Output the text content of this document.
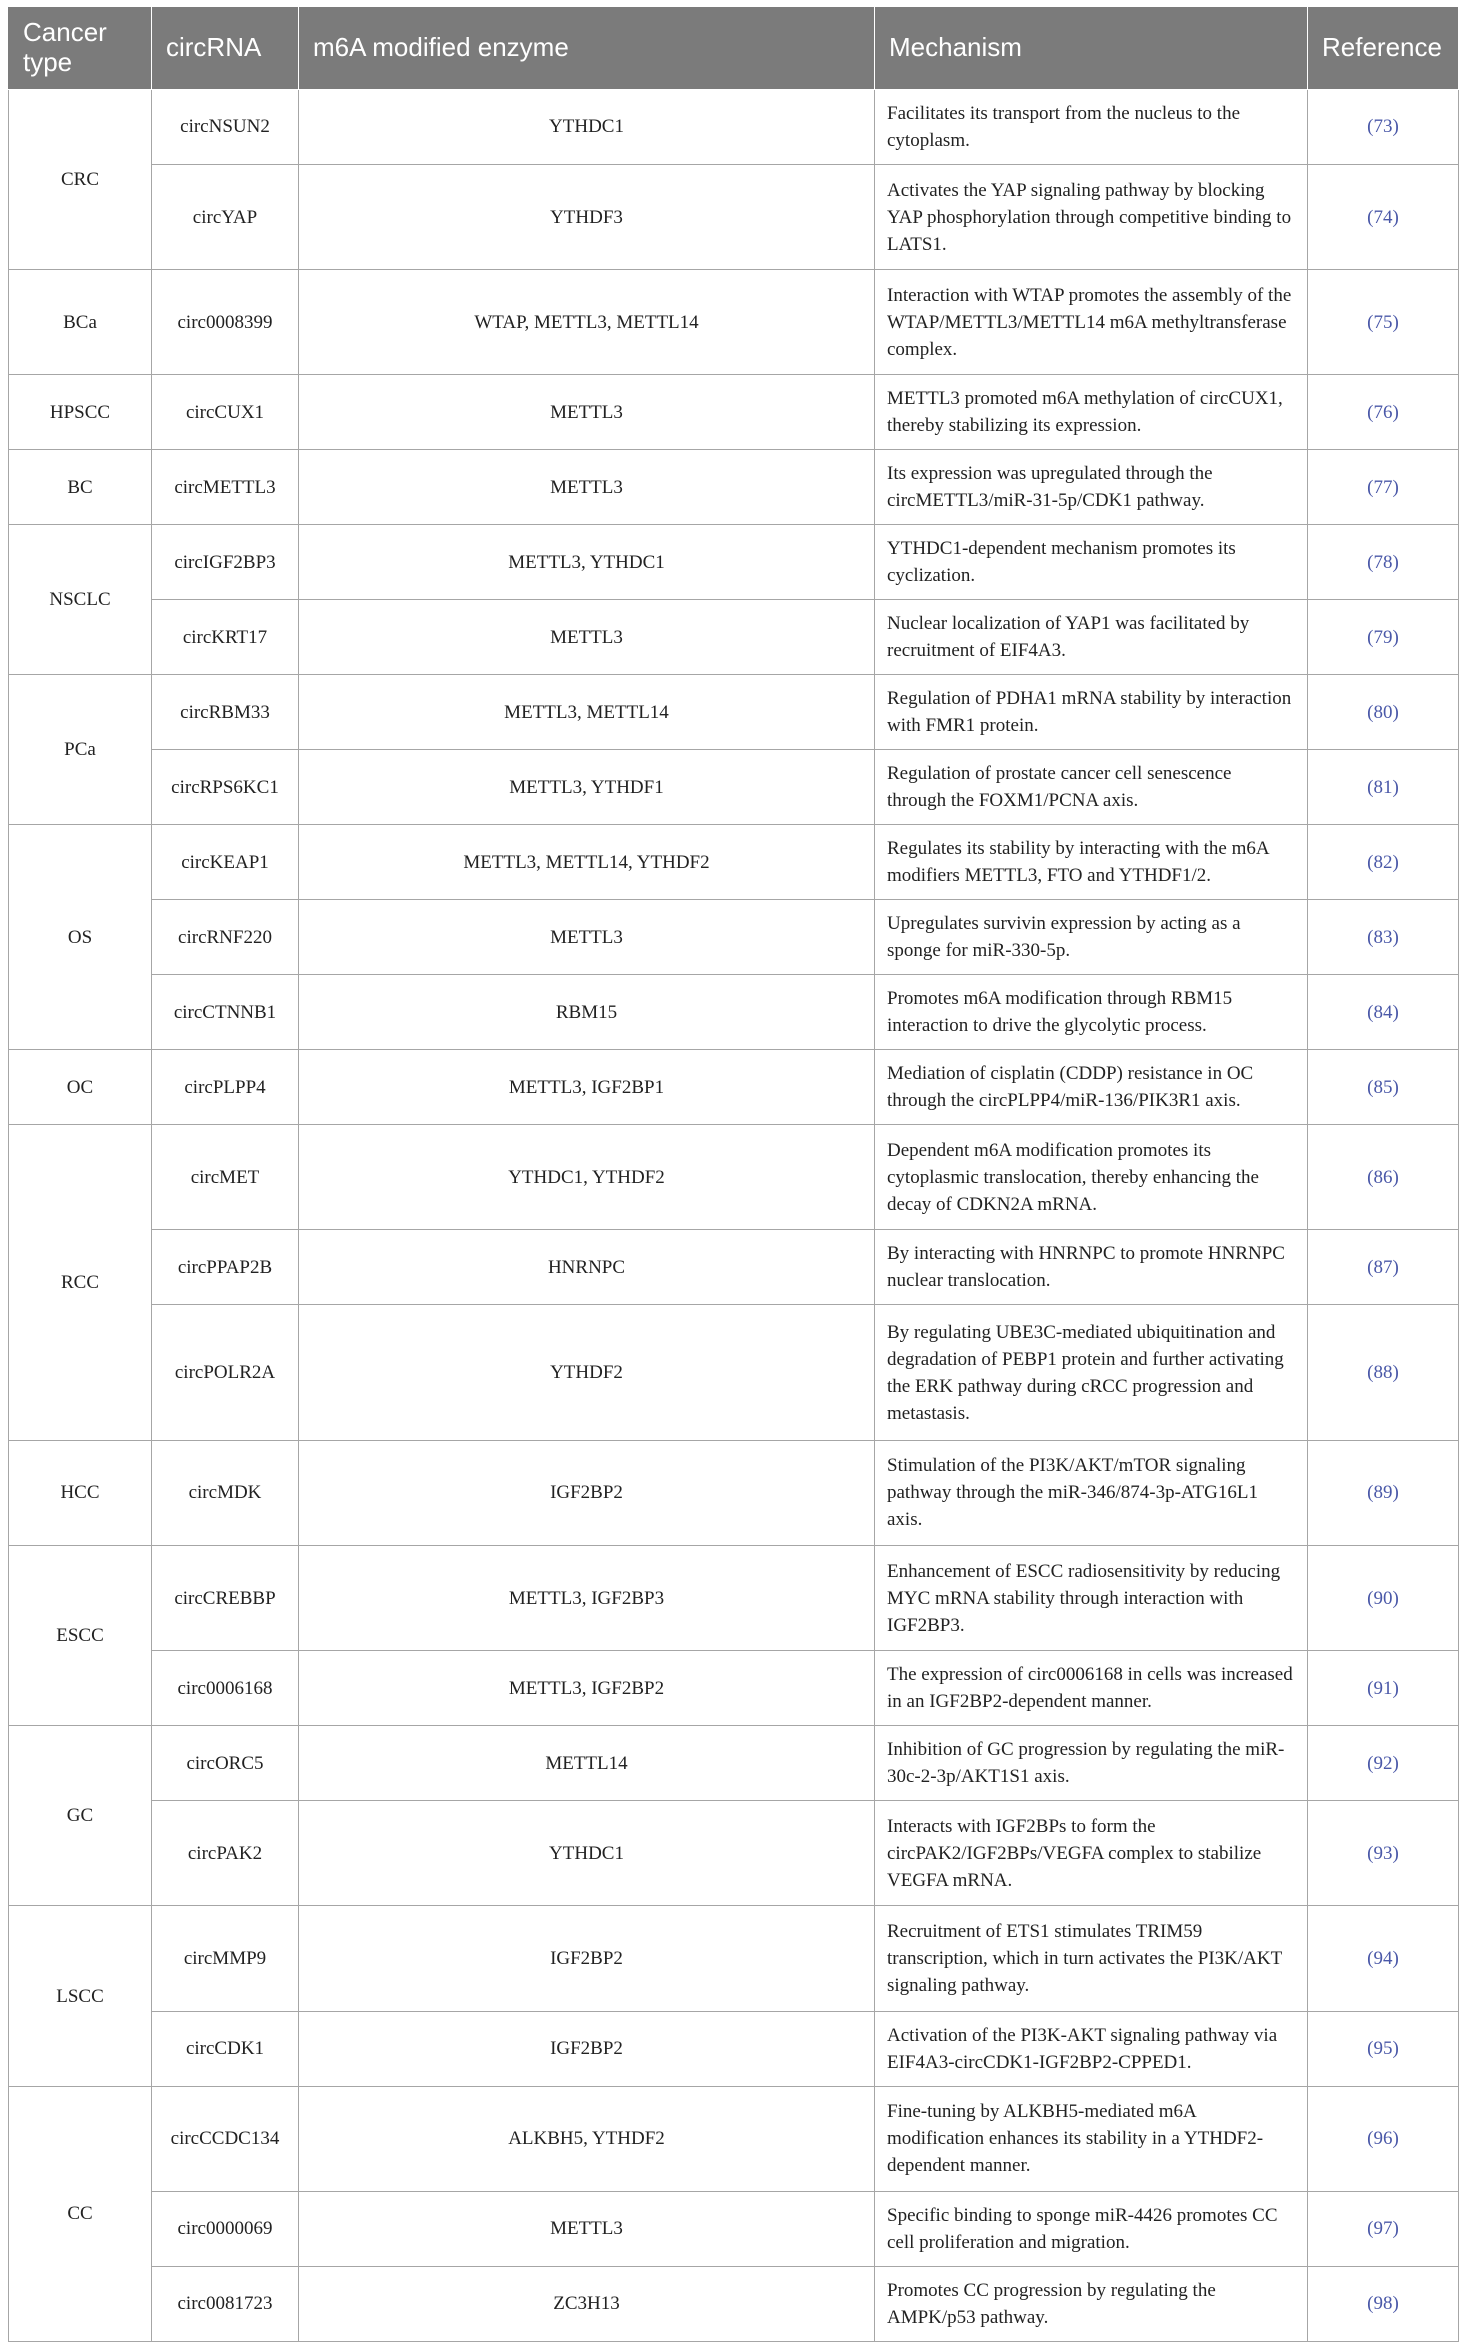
Cancer type	circRNA	m6A modified enzyme	Mechanism	Reference
CRC	circNSUN2	YTHDC1	Facilitates its transport from the nucleus to the cytoplasm.	(73)
	circYAP	YTHDF3	Activates the YAP signaling pathway by blocking YAP phosphorylation through competitive binding to LATS1.	(74)
BCa	circ0008399	WTAP, METTL3, METTL14	Interaction with WTAP promotes the assembly of the WTAP/METTL3/METTL14 m6A methyltransferase complex.	(75)
HPSCC	circCUX1	METTL3	METTL3 promoted m6A methylation of circCUX1, thereby stabilizing its expression.	(76)
BC	circMETTL3	METTL3	Its expression was upregulated through the circMETTL3/miR-31-5p/CDK1 pathway.	(77)
NSCLC	circIGF2BP3	METTL3, YTHDC1	YTHDC1-dependent mechanism promotes its cyclization.	(78)
	circKRT17	METTL3	Nuclear localization of YAP1 was facilitated by recruitment of EIF4A3.	(79)
PCa	circRBM33	METTL3, METTL14	Regulation of PDHA1 mRNA stability by interaction with FMR1 protein.	(80)
	circRPS6KC1	METTL3, YTHDF1	Regulation of prostate cancer cell senescence through the FOXM1/PCNA axis.	(81)
OS	circKEAP1	METTL3, METTL14, YTHDF2	Regulates its stability by interacting with the m6A modifiers METTL3, FTO and YTHDF1/2.	(82)
	circRNF220	METTL3	Upregulates survivin expression by acting as a sponge for miR-330-5p.	(83)
	circCTNNB1	RBM15	Promotes m6A modification through RBM15 interaction to drive the glycolytic process.	(84)
OC	circPLPP4	METTL3, IGF2BP1	Mediation of cisplatin (CDDP) resistance in OC through the circPLPP4/miR-136/PIK3R1 axis.	(85)
RCC	circMET	YTHDC1, YTHDF2	Dependent m6A modification promotes its cytoplasmic translocation, thereby enhancing the decay of CDKN2A mRNA.	(86)
	circPPAP2B	HNRNPC	By interacting with HNRNPC to promote HNRNPC nuclear translocation.	(87)
	circPOLR2A	YTHDF2	By regulating UBE3C-mediated ubiquitination and degradation of PEBP1 protein and further activating the ERK pathway during cRCC progression and metastasis.	(88)
HCC	circMDK	IGF2BP2	Stimulation of the PI3K/AKT/mTOR signaling pathway through the miR-346/874-3p-ATG16L1 axis.	(89)
ESCC	circCREBBP	METTL3, IGF2BP3	Enhancement of ESCC radiosensitivity by reducing MYC mRNA stability through interaction with IGF2BP3.	(90)
	circ0006168	METTL3, IGF2BP2	The expression of circ0006168 in cells was increased in an IGF2BP2-dependent manner.	(91)
GC	circORC5	METTL14	Inhibition of GC progression by regulating the miR-30c-2-3p/AKT1S1 axis.	(92)
	circPAK2	YTHDC1	Interacts with IGF2BPs to form the circPAK2/IGF2BPs/VEGFA complex to stabilize VEGFA mRNA.	(93)
LSCC	circMMP9	IGF2BP2	Recruitment of ETS1 stimulates TRIM59 transcription, which in turn activates the PI3K/AKT signaling pathway.	(94)
	circCDK1	IGF2BP2	Activation of the PI3K-AKT signaling pathway via EIF4A3-circCDK1-IGF2BP2-CPPED1.	(95)
CC	circCCDC134	ALKBH5, YTHDF2	Fine-tuning by ALKBH5-mediated m6A modification enhances its stability in a YTHDF2-dependent manner.	(96)
	circ0000069	METTL3	Specific binding to sponge miR-4426 promotes CC cell proliferation and migration.	(97)
	circ0081723	ZC3H13	Promotes CC progression by regulating the AMPK/p53 pathway.	(98)
